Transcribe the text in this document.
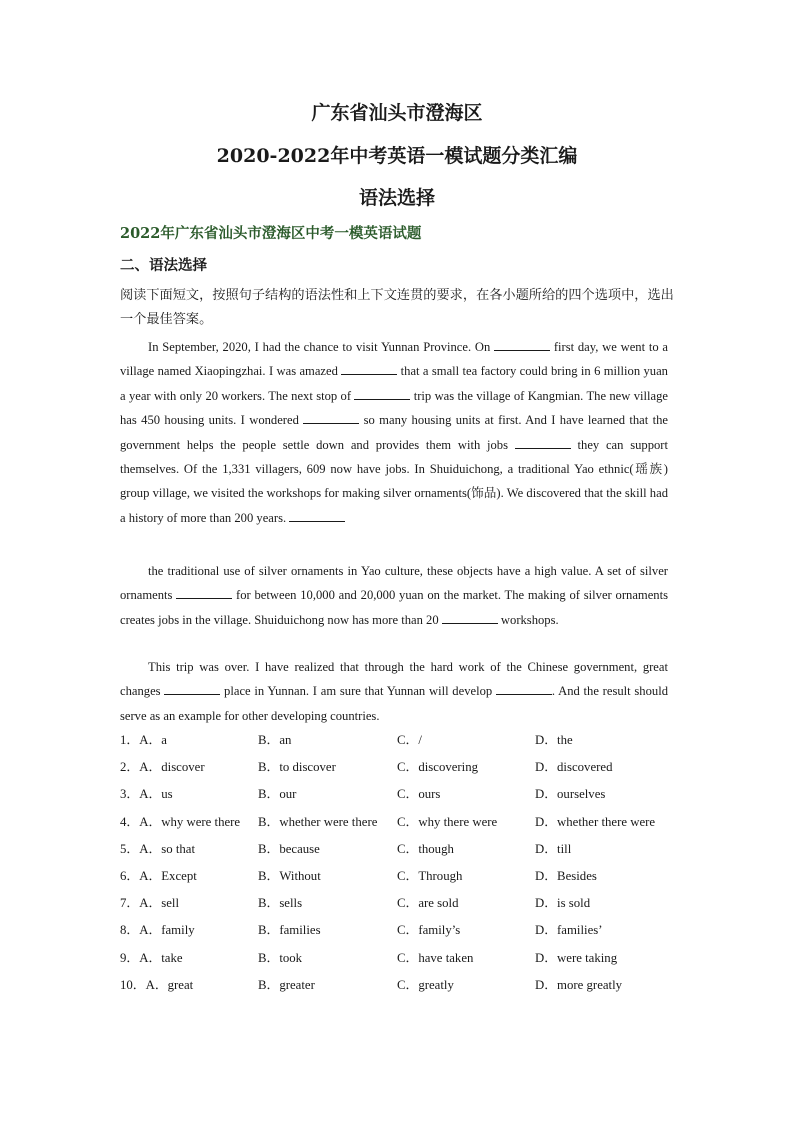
广东省汕头市澄海区
2020-2022年中考英语一模试题分类汇编
语法选择
2022年广东省汕头市澄海区中考一模英语试题
二、语法选择
阅读下面短文，按照句子结构的语法性和上下文连贯的要求，在各小题所给的四个选项中，选出一个最佳答案。

In September, 2020, I had the chance to visit Yunnan Province. On	first day, we went to a village named Xiaopingzhai. I was amazed	that a small tea factory could bring in 6 million yuan a year with only 20 workers. The next stop of	trip was the village of Kangmian. The new village has 450 housing units. I wondered	so many housing units at first. And I have learned that the government helps the people settle down and provides them with jobs	they can support themselves. Of the 1,331 villagers, 609 now have jobs. In Shuiduichong, a traditional Yao ethnic(瑶族) group village, we visited the workshops for making silver ornaments(饰品). We discovered that the skill had a history of more than 200 years.

the traditional use of silver ornaments in Yao culture, these objects have a high value. A set of silver ornaments	for between 10,000 and 20,000 yuan on the market. The making of silver ornaments creates jobs in the village. Shuiduichong now has more than 20	workshops.

This trip was over. I have realized that through the hard work of the Chinese government, great changes	place in Yunnan. I am sure that Yunnan will develop	. And the result should serve as an example for other developing countries.

1．A．a	B．an	C．/	D．the
2．A．discover	B．to discover	C．discovering	D．discovered
3．A．us	B．our	C．ours	D．ourselves
4．A．why were there B．whether were there C．why there were	D．whether there were
5．A．so that	B．because	C．though	D．till
6．A．Except	B．Without	C．Through	D．Besides
7．A．sell	B．sells	C．are sold	D．is sold
8．A．family	B．families	C．family’s	D．families’
9．A．take	B．took	C．have taken	D．were taking
10．A．great	B．greater	C．greatly	D．more greatly
